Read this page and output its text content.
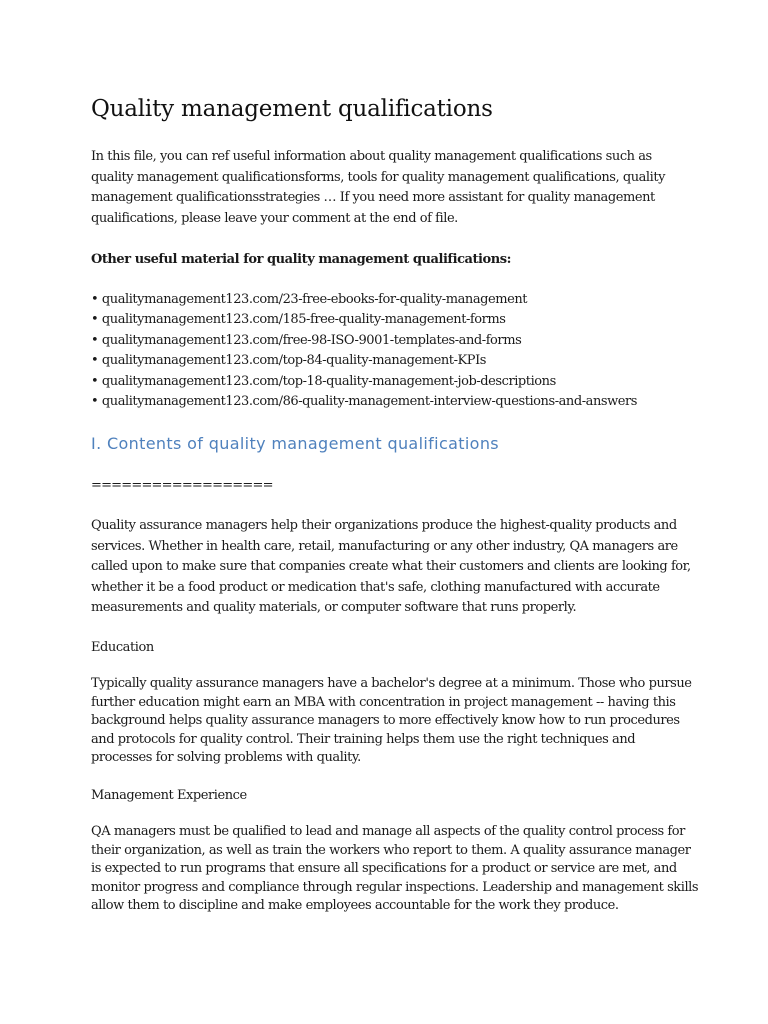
Quality management qualifications

In this file, you can ref useful information about quality management qualifications such as
quality management qualificationsforms, tools for quality management qualifications, quality
management qualificationsstrategies … If you need more assistant for quality management
qualifications, please leave your comment at the end of file.

Other useful material for quality management qualifications:

• qualitymanagement123.com/23-free-ebooks-for-quality-management
• qualitymanagement123.com/185-free-quality-management-forms
• qualitymanagement123.com/free-98-ISO-9001-templates-and-forms
• qualitymanagement123.com/top-84-quality-management-KPIs
• qualitymanagement123.com/top-18-quality-management-job-descriptions
• qualitymanagement123.com/86-quality-management-interview-questions-and-answers
I. Contents of quality management qualifications

==================

Quality assurance managers help their organizations produce the highest-quality products and
services. Whether in health care, retail, manufacturing or any other industry, QA managers are
called upon to make sure that companies create what their customers and clients are looking for,
whether it be a food product or medication that's safe, clothing manufactured with accurate
measurements and quality materials, or computer software that runs properly.

Education

Typically quality assurance managers have a bachelor's degree at a minimum. Those who pursue
further education might earn an MBA with concentration in project management -- having this
background helps quality assurance managers to more effectively know how to run procedures
and protocols for quality control. Their training helps them use the right techniques and
processes for solving problems with quality.

Management Experience

QA managers must be qualified to lead and manage all aspects of the quality control process for
their organization, as well as train the workers who report to them. A quality assurance manager
is expected to run programs that ensure all specifications for a product or service are met, and
monitor progress and compliance through regular inspections. Leadership and management skills
allow them to discipline and make employees accountable for the work they produce.
